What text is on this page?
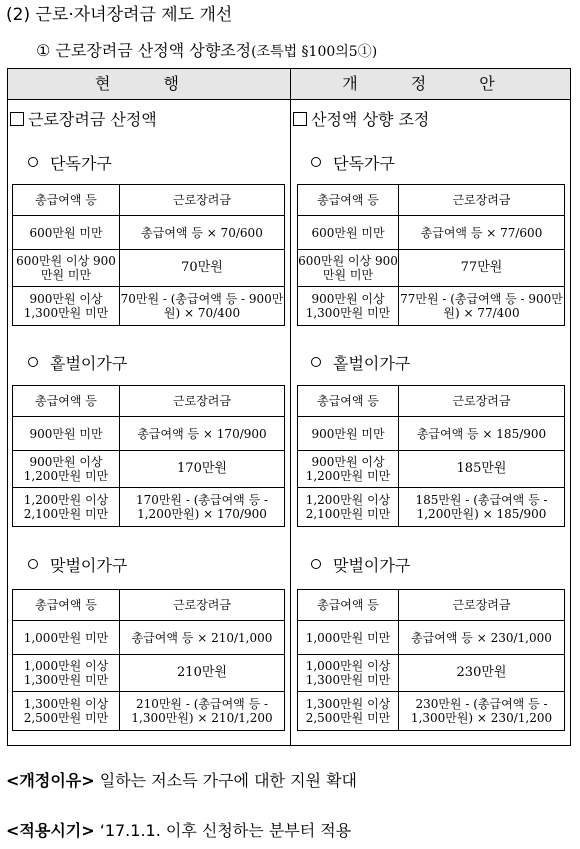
(2) 근로·자녀장려금 제도 개선
① 근로장려금 산정액 상향조정(조특법 §100의5①)
현 행
근로장려금 산정액
단독가구
총급여액 등	근로장려금
600만원 미만	총급여액 등 × 70/600
600만원 이상 900만원 미만	70만원
900만원 이상 1,300만원 미만	70만원 - (총급여액 등 - 900만원) × 70/400
홑벌이가구
총급여액 등	근로장려금
900만원 미만	총급여액 등 × 170/900
900만원 이상 1,200만원 미만	170만원
1,200만원 이상 2,100만원 미만	170만원 - (총급여액 등 - 1,200만원) × 170/900
맞벌이가구
총급여액 등	근로장려금
1,000만원 미만	총급여액 등 × 210/1,000
1,000만원 이상 1,300만원 미만	210만원
1,300만원 이상 2,500만원 미만	210만원 - (총급여액 등 - 1,300만원) × 210/1,200
개 정 안
산정액 상향 조정
단독가구
총급여액 등	근로장려금
600만원 미만	총급여액 등 × 77/600
600만원 이상 900만원 미만	77만원
900만원 이상 1,300만원 미만	77만원 - (총급여액 등 - 900만원) × 77/400
홑벌이가구
총급여액 등	근로장려금
900만원 미만	총급여액 등 × 185/900
900만원 이상 1,200만원 미만	185만원
1,200만원 이상 2,100만원 미만	185만원 - (총급여액 등 - 1,200만원) × 185/900
맞벌이가구
총급여액 등	근로장려금
1,000만원 미만	총급여액 등 × 230/1,000
1,000만원 이상 1,300만원 미만	230만원
1,300만원 이상 2,500만원 미만	230만원 - (총급여액 등 - 1,300만원) × 230/1,200
<개정이유> 일하는 저소득 가구에 대한 지원 확대
<적용시기> ‘17.1.1. 이후 신청하는 분부터 적용
